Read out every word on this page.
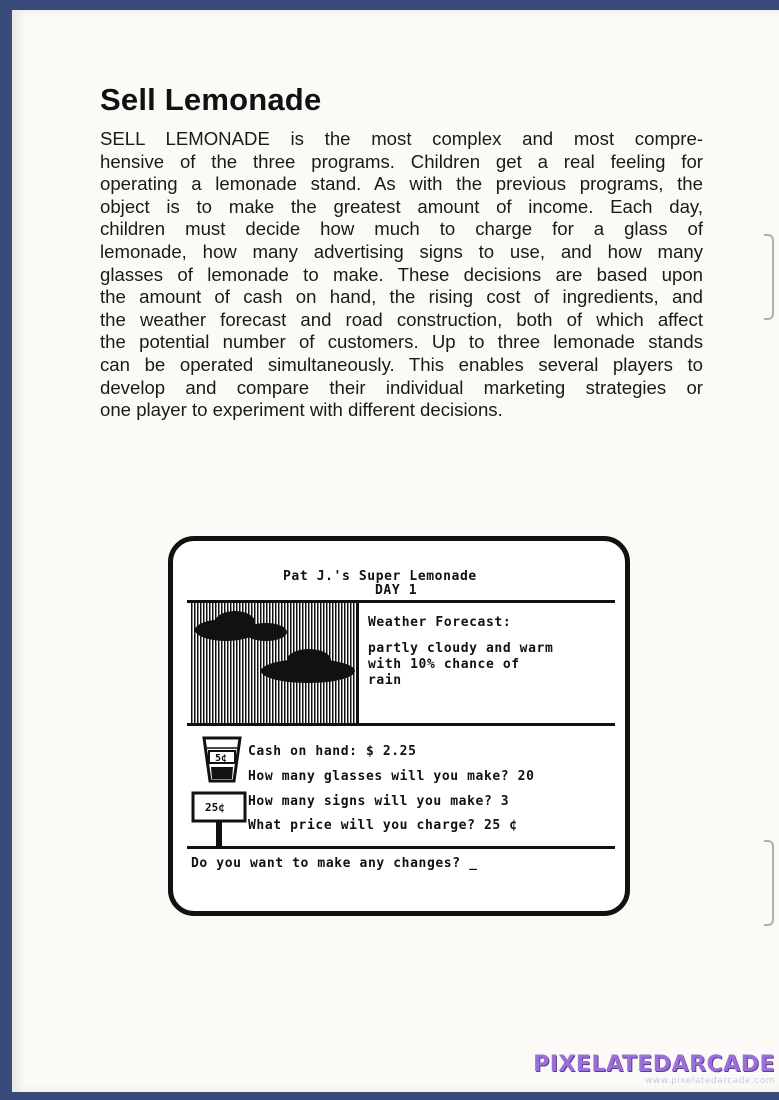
Sell Lemonade

SELL LEMONADE is the most complex and most compre-
hensive of the three programs. Children get a real feeling for
operating a lemonade stand. As with the previous programs, the
object is to make the greatest amount of income. Each day,
children must decide how much to charge for a glass of
lemonade, how many advertising signs to use, and how many
glasses of lemonade to make. These decisions are based upon
the amount of cash on hand, the rising cost of ingredients, and
the weather forecast and road construction, both of which affect
the potential number of customers. Up to three lemonade stands
can be operated simultaneously. This enables several players to
develop and compare their individual marketing strategies or
one player to experiment with different decisions.

Pat J.'s Super Lemonade
DAY 1
Weather Forecast:
partly cloudy and warm
with 10% chance of
rain
5¢
25¢
Cash on hand: $ 2.25
How many glasses will you make? 20
How many signs will you make? 3
What price will you charge? 25 ¢
Do you want to make any changes? _
PIXELATEDARCADE
www.pixelatedarcade.com
